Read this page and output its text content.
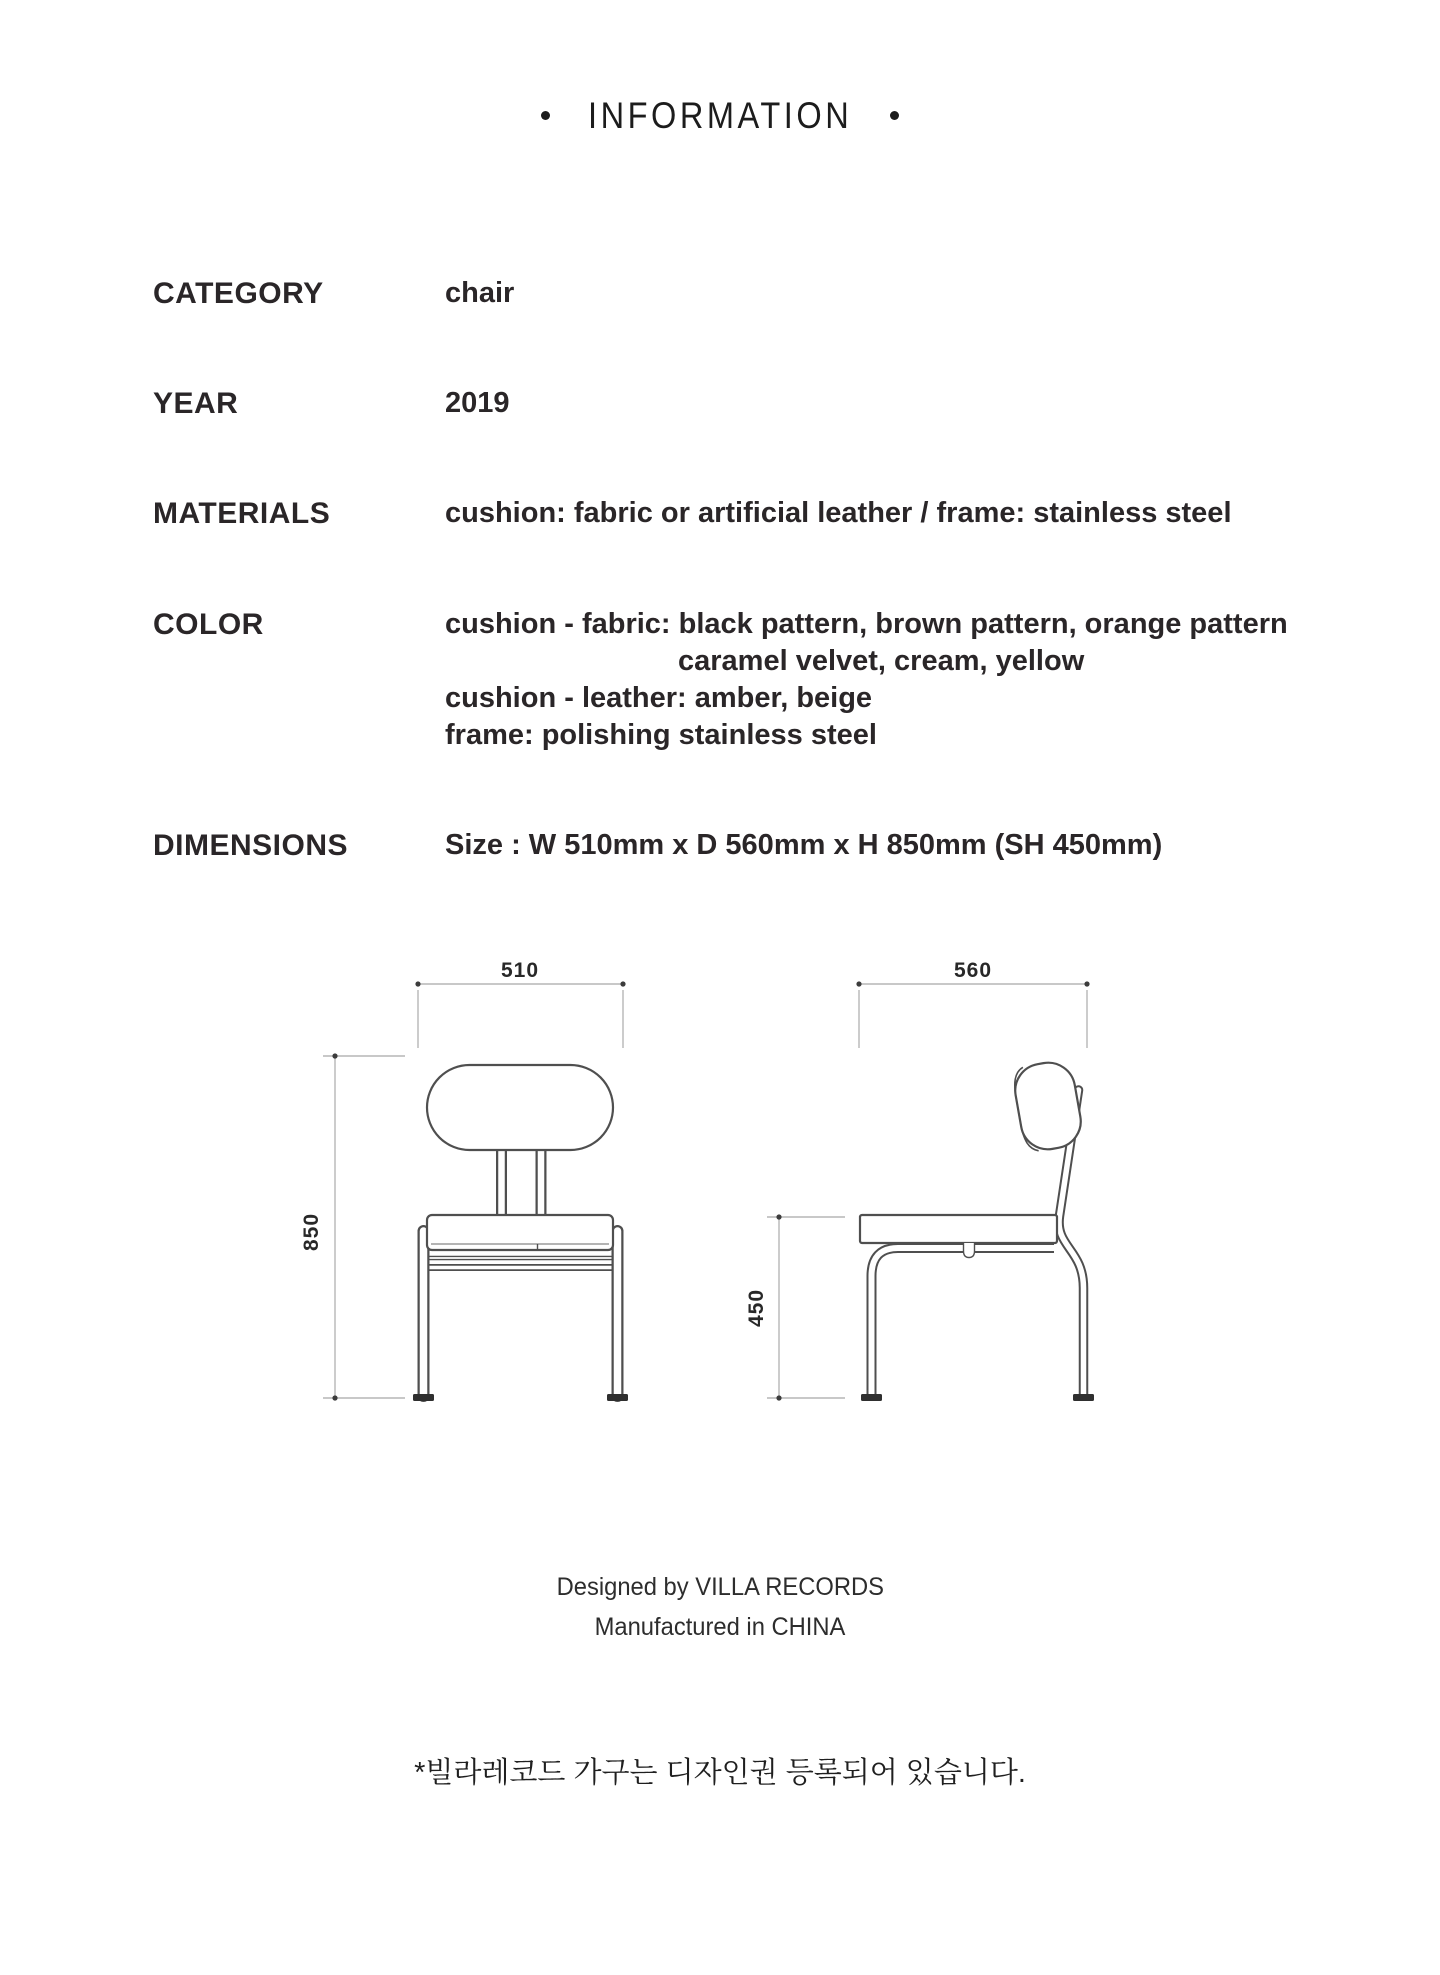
INFORMATION
CATEGORY	chair
YEAR	2019
MATERIALS	cushion: fabric or artificial leather / frame: stainless steel
COLOR	cushion - fabric: black pattern, brown pattern, orange pattern
caramel velvet, cream, yellow
cushion - leather: amber, beige
frame: polishing stainless steel
DIMENSIONS	Size : W 510mm x D 560mm x H 850mm (SH 450mm)
510
850
560
450
Designed by VILLA RECORDS
Manufactured in CHINA
*빌라레코드 가구는 디자인권 등록되어 있습니다.
